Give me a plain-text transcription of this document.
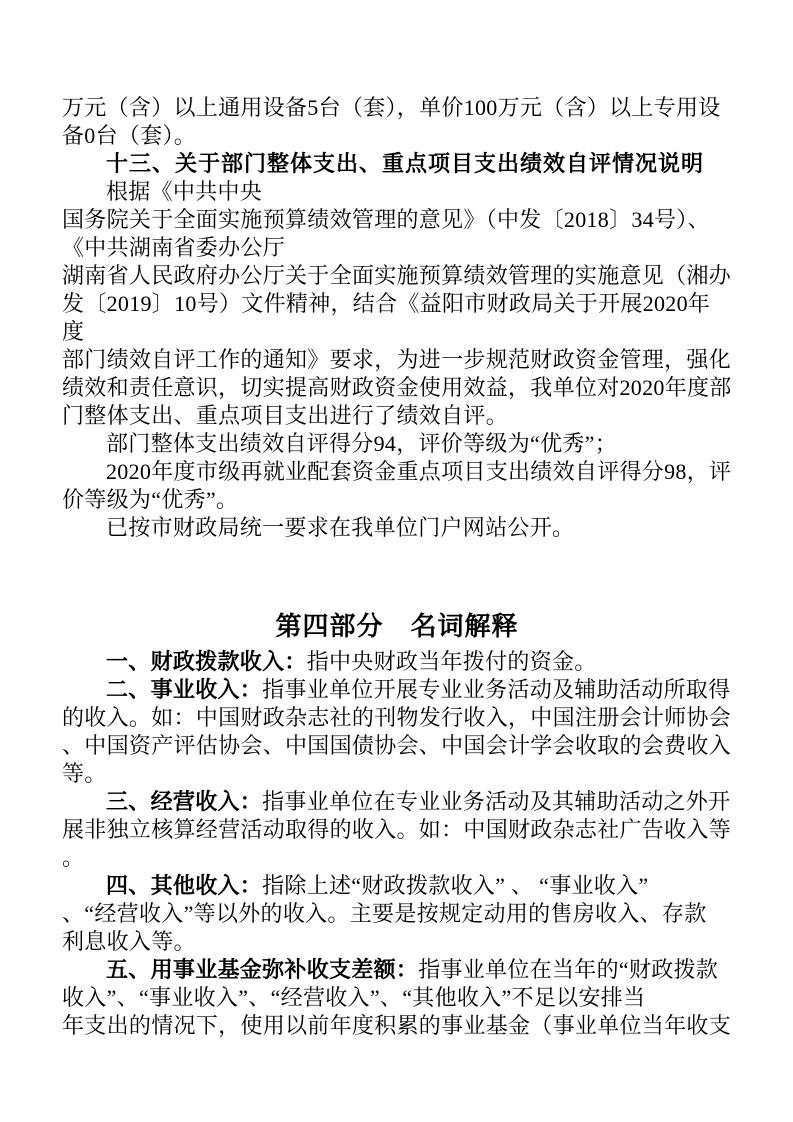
万元（含）以上通用设备5台（套），单价100万元（含）以上专用设
备0台（套）。
十三、关于部门整体支出、重点项目支出绩效自评情况说明
根据《中共中央
国务院关于全面实施预算绩效管理的意见》（中发〔2018〕34号）、
《中共湖南省委办公厅
湖南省人民政府办公厅关于全面实施预算绩效管理的实施意见（湘办
发〔2019〕10号）文件精神，结合《益阳市财政局关于开展2020年度
部门绩效自评工作的通知》要求，为进一步规范财政资金管理，强化
绩效和责任意识，切实提高财政资金使用效益，我单位对2020年度部
门整体支出、重点项目支出进行了绩效自评。
部门整体支出绩效自评得分94，评价等级为“优秀”；
2020年度市级再就业配套资金重点项目支出绩效自评得分98，评
价等级为“优秀”。
已按市财政局统一要求在我单位门户网站公开。
第四部分　名词解释
一、财政拨款收入：指中央财政当年拨付的资金。
二、事业收入：指事业单位开展专业业务活动及辅助活动所取得
的收入。如：中国财政杂志社的刊物发行收入，中国注册会计师协会
、中国资产评估协会、中国国债协会、中国会计学会收取的会费收入
等。
三、经营收入：指事业单位在专业业务活动及其辅助活动之外开
展非独立核算经营活动取得的收入。如：中国财政杂志社广告收入等
。
四、其他收入：指除上述“财政拨款收入” 、 “事业收入”
、“经营收入”等以外的收入。主要是按规定动用的售房收入、存款
利息收入等。
五、用事业基金弥补收支差额：指事业单位在当年的“财政拨款
收入”、“事业收入”、“经营收入”、“其他收入”不足以安排当
年支出的情况下，使用以前年度积累的事业基金（事业单位当年收支
